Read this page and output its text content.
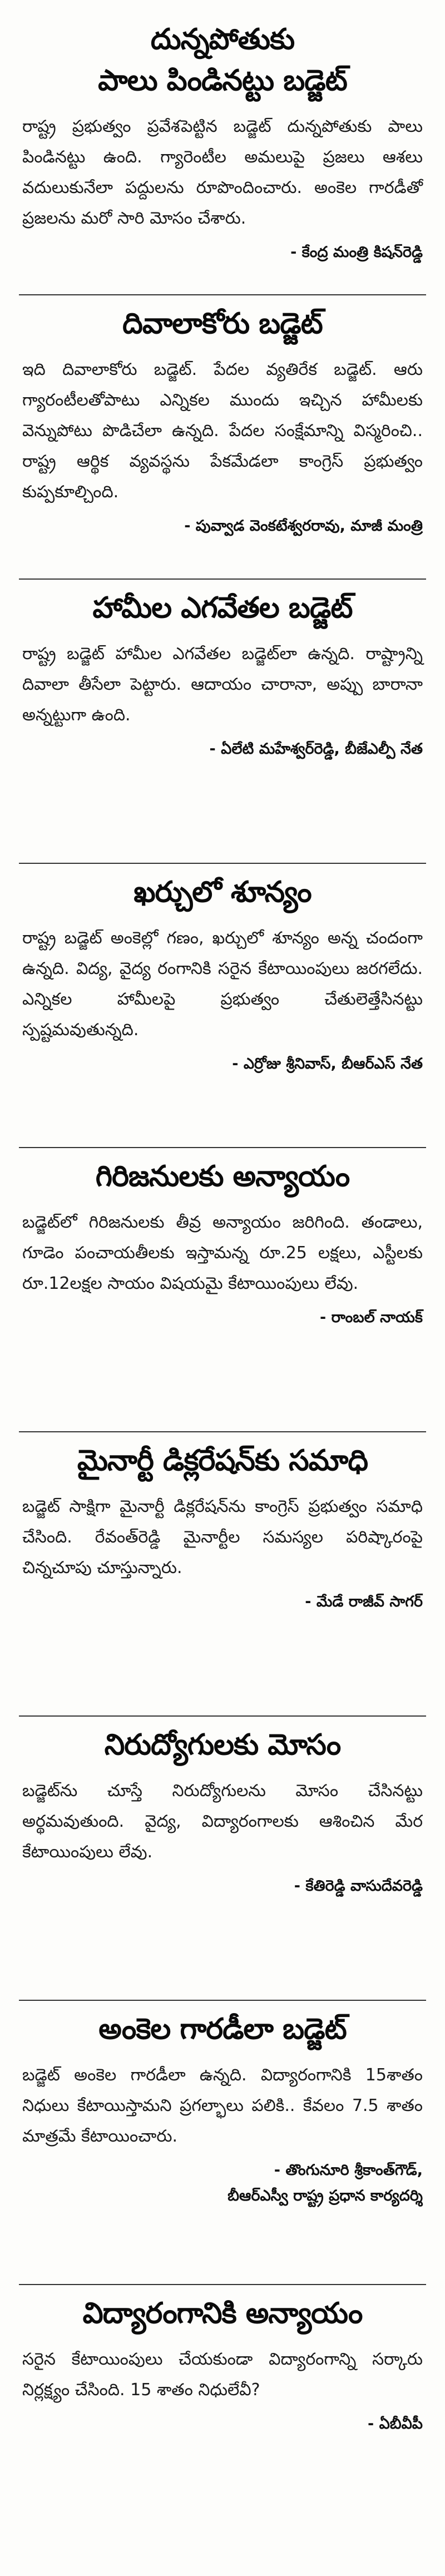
దున్నపోతుకు
పాలు పిండినట్టు బడ్జెట్

రాష్ట్ర ప్రభుత్వం ప్రవేశపెట్టిన బడ్జెట్ దున్నపోతుకు పాలు పిండినట్టు ఉంది. గ్యారెంటీల అమలుపై ప్రజలు ఆశలు వదులుకునేలా పద్దులను రూపొందించారు. అంకెల గారడీతో ప్రజలను మరో సారి మోసం చేశారు.

- కేంద్ర మంత్రి కిషన్‌రెడ్డి
దివాలాకోరు బడ్జెట్

ఇది దివాలాకోరు బడ్జెట్. పేదల వ్యతిరేక బడ్జెట్. ఆరు గ్యారంటీలతోపాటు ఎన్నికల ముందు ఇచ్చిన హామీలకు వెన్నుపోటు పొడిచేలా ఉన్నది. పేదల సంక్షేమాన్ని విస్మరించి.. రాష్ట్ర ఆర్థిక వ్యవస్థను పేకమేడలా కాంగ్రెస్ ప్రభుత్వం కుప్పకూల్చింది.

- పువ్వాడ వెంకటేశ్వరరావు, మాజీ మంత్రి
హామీల ఎగవేతల బడ్జెట్

రాష్ట్ర బడ్జెట్ హామీల ఎగవేతల బడ్జెట్‌లా ఉన్నది. రాష్ట్రాన్ని దివాలా తీసేలా పెట్టారు. ఆదాయం చారానా, అప్పు బారానా అన్నట్టుగా ఉంది.

- ఏలేటి మహేశ్వర్‌రెడ్డి, బీజేఎల్పీ నేత
ఖర్చులో శూన్యం

రాష్ట్ర బడ్జెట్ అంకెల్లో గణం, ఖర్చులో శూన్యం అన్న చందంగా ఉన్నది. విద్య, వైద్య రంగానికి సరైన కేటాయింపులు జరగలేదు. ఎన్నికల హామీలపై ప్రభుత్వం చేతులెత్తేసినట్టు స్పష్టమవుతున్నది.

- ఎర్రోజు శ్రీనివాస్, బీఆర్ఎస్ నేత
గిరిజనులకు అన్యాయం

బడ్జెట్‌లో గిరిజనులకు తీవ్ర అన్యాయం జరిగింది. తండాలు, గూడెం పంచాయతీలకు ఇస్తామన్న రూ.25 లక్షలు, ఎస్టీలకు రూ.12లక్షల సాయం విషయమై కేటాయింపులు లేవు.

- రాంబల్ నాయక్
మైనార్టీ డిక్లరేషన్‌కు సమాధి

బడ్జెట్ సాక్షిగా మైనార్టీ డిక్లరేషన్‌ను కాంగ్రెస్ ప్రభుత్వం సమాధి చేసింది. రేవంత్‌రెడ్డి మైనార్టీల సమస్యల పరిష్కారంపై చిన్నచూపు చూస్తున్నారు.

- మేడే రాజీవ్ సాగర్
నిరుద్యోగులకు మోసం

బడ్జెట్‌ను చూస్తే నిరుద్యోగులను మోసం చేసినట్టు అర్థమవుతుంది. వైద్య, విద్యారంగాలకు ఆశించిన మేర కేటాయింపులు లేవు.

- కేతిరెడ్డి వాసుదేవరెడ్డి
అంకెల గారడీలా బడ్జెట్

బడ్జెట్ అంకెల గారడీలా ఉన్నది. విద్యారంగానికి 15శాతం నిధులు కేటాయిస్తామని ప్రగల్భాలు పలికి.. కేవలం 7.5 శాతం మాత్రమే కేటాయించారు.

- తొంగునూరి శ్రీకాంత్‌గౌడ్,
బీఆర్ఎస్వీ రాష్ట్ర ప్రధాన కార్యదర్శి
విద్యారంగానికి అన్యాయం

సరైన కేటాయింపులు చేయకుండా విద్యారంగాన్ని సర్కారు నిర్లక్ష్యం చేసింది. 15 శాతం నిధులేవీ?

- ఏబీవీపీ
